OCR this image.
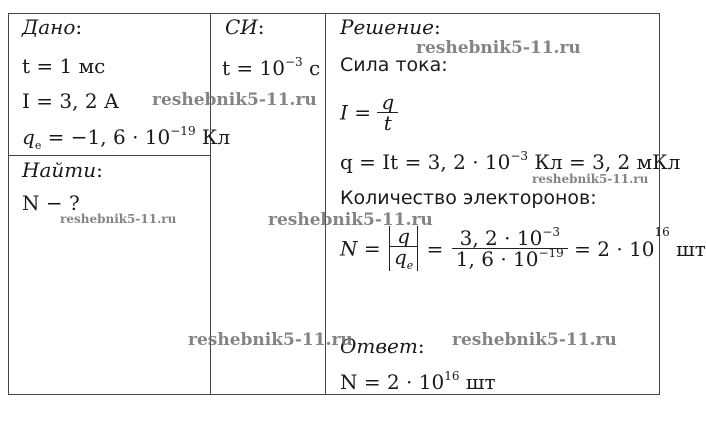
Дано:
t = 1 мс
I = 3, 2 А
$q_e = -1$, $6 \cdot 10^{-19}$ Кл
СИ:
$t = 10^{-3}$ с
Найти:
N − ?
Решение:
Сила тока:
$I = \frac{q}{t}$
q = It = 3, $2 \cdot 10^{-3}$ Кл = 3, 2 мКл
Количество электоронов:
$N = \frac{q}{q_e} = \frac{3, 2 \cdot 10^{-3}}{1, 6 \cdot 10^{-19}} = 2 \cdot 10^{16}$ шт
Ответ:
$N = 2 \cdot 10^{16}$ шт
reshebnik5-11.ru
reshebnik5-11.ru
reshebnik5-11.ru
reshebnik5-11.ru	reshebnik5-11.ru
reshebnik5-11.ru	reshebnik5-11.ru
